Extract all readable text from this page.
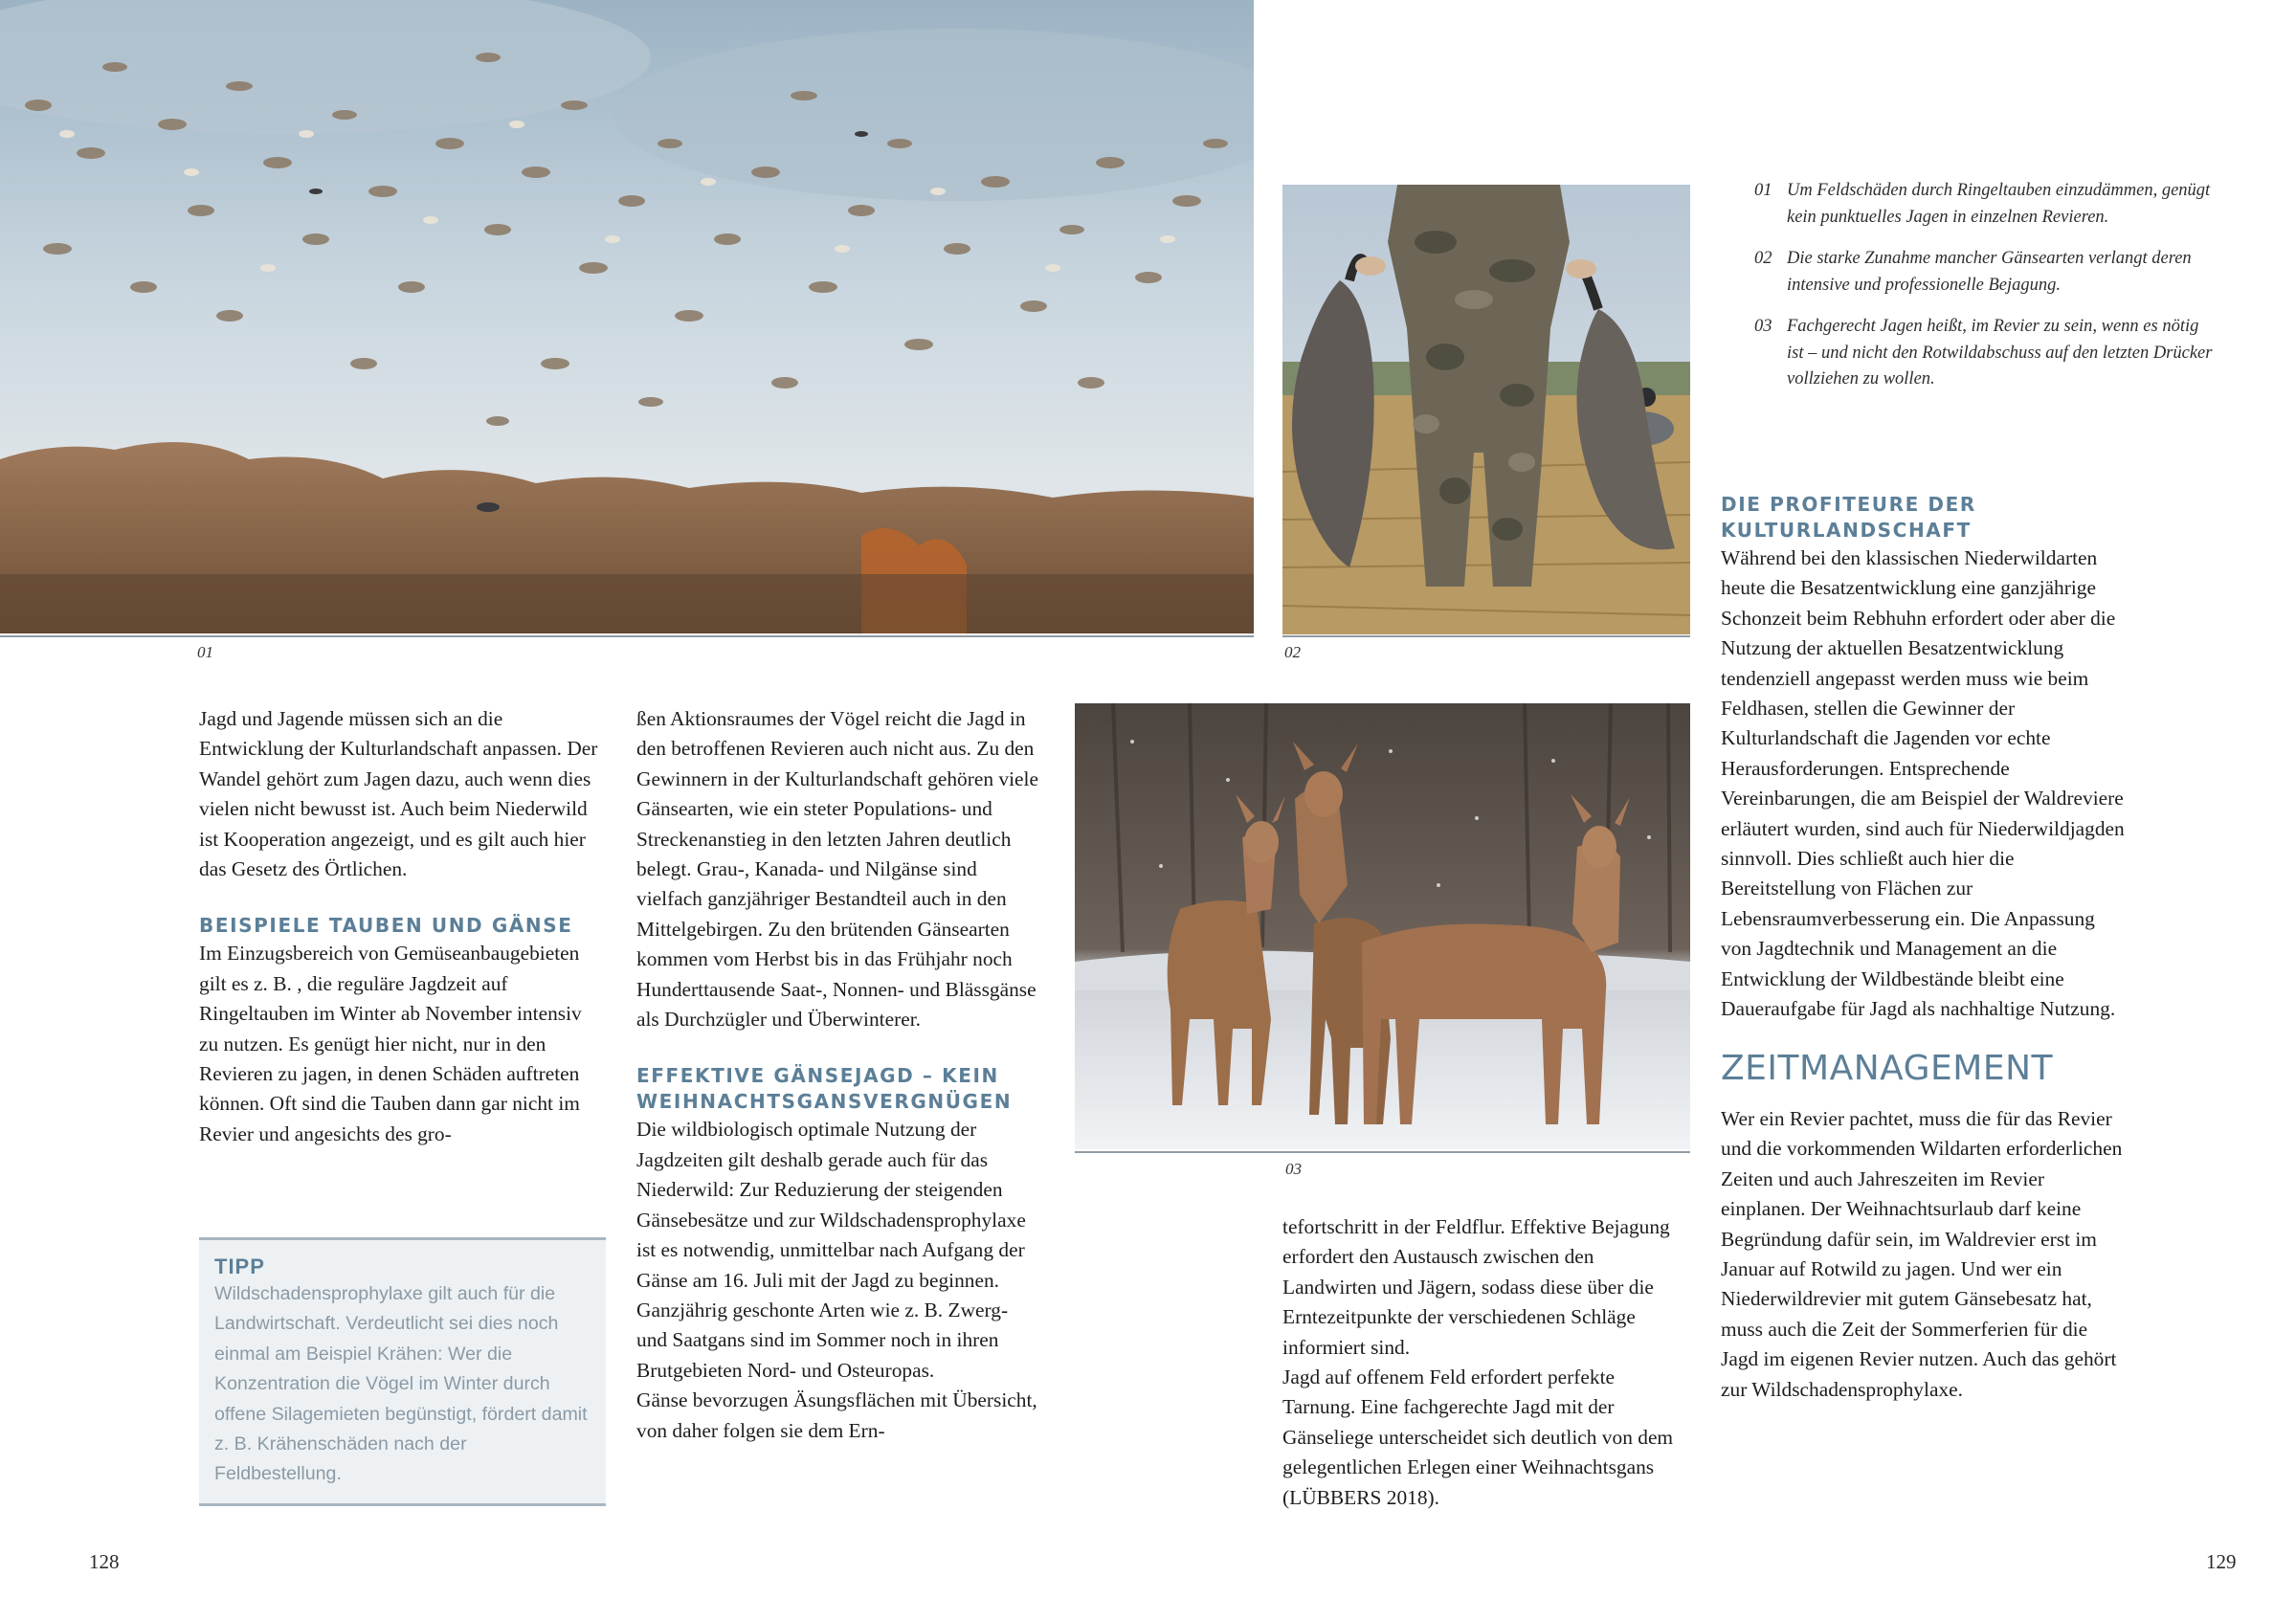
01	02
03

Jagd und Jagende müssen sich an die Entwicklung der Kulturlandschaft anpassen. Der Wandel gehört zum Jagen dazu, auch wenn dies vielen nicht bewusst ist. Auch beim Niederwild ist Kooperation angezeigt, und es gilt auch hier das Gesetz des Örtlichen.

BEISPIELE TAUBEN UND GÄNSE

Im Einzugsbereich von Gemüseanbaugebieten gilt es z. B. , die reguläre Jagdzeit auf Ringeltauben im Winter ab November intensiv zu nutzen. Es genügt hier nicht, nur in den Revieren zu jagen, in denen Schäden auftreten können. Oft sind die Tauben dann gar nicht im Revier und angesichts des gro-

TIPP
Wildschadensprophylaxe gilt auch für die Landwirtschaft. Verdeutlicht sei dies noch einmal am Beispiel Krähen: Wer die Konzentration die Vögel im Winter durch offene Silagemieten begünstigt, fördert damit z. B. Krähenschäden nach der Feldbestellung.

ßen Aktionsraumes der Vögel reicht die Jagd in den betroffenen Revieren auch nicht aus. Zu den Gewinnern in der Kulturlandschaft gehören viele Gänsearten, wie ein steter Populations- und Streckenanstieg in den letzten Jahren deutlich belegt. Grau-, Kanada- und Nilgänse sind vielfach ganzjähriger Bestandteil auch in den Mittelgebirgen. Zu den brütenden Gänsearten kommen vom Herbst bis in das Frühjahr noch Hunderttausende Saat-, Nonnen- und Blässgänse als Durchzügler und Überwinterer.

EFFEKTIVE GÄNSEJAGD – KEIN WEIHNACHTSGANSVERGNÜGEN

Die wildbiologisch optimale Nutzung der Jagdzeiten gilt deshalb gerade auch für das Niederwild: Zur Reduzierung der steigenden Gänsebesätze und zur Wildschadensprophylaxe ist es notwendig, unmittelbar nach Aufgang der Gänse am 16. Juli mit der Jagd zu beginnen. Ganzjährig geschonte Arten wie z. B. Zwerg- und Saatgans sind im Sommer noch in ihren Brutgebieten Nord- und Osteuropas.

Gänse bevorzugen Äsungsflächen mit Übersicht, von daher folgen sie dem Ern-

tefortschritt in der Feldflur. Effektive Bejagung erfordert den Austausch zwischen den Landwirten und Jägern, sodass diese über die Erntezeitpunkte der verschiedenen Schläge informiert sind.

Jagd auf offenem Feld erfordert perfekte Tarnung. Eine fachgerechte Jagd mit der Gänseliege unterscheidet sich deutlich von dem gelegentlichen Erlegen einer Weihnachtsgans (LÜBBERS 2018).

01 Um Feldschäden durch Ringeltauben einzudämmen, genügt kein punktuelles Jagen in einzelnen Revieren.
02 Die starke Zunahme mancher Gänsearten verlangt deren intensive und professionelle Bejagung.
03 Fachgerecht Jagen heißt, im Revier zu sein, wenn es nötig ist – und nicht den Rotwildabschuss auf den letzten Drücker vollziehen zu wollen.
DIE PROFITEURE DER KULTURLANDSCHAFT

Während bei den klassischen Niederwildarten heute die Besatzentwicklung eine ganzjährige Schonzeit beim Rebhuhn erfordert oder aber die Nutzung der aktuellen Besatzentwicklung tendenziell angepasst werden muss wie beim Feldhasen, stellen die Gewinner der Kulturlandschaft die Jagenden vor echte Herausforderungen. Entsprechende Vereinbarungen, die am Beispiel der Waldreviere erläutert wurden, sind auch für Niederwildjagden sinnvoll. Dies schließt auch hier die Bereitstellung von Flächen zur Lebensraumverbesserung ein. Die Anpassung von Jagdtechnik und Management an die Entwicklung der Wildbestände bleibt eine Daueraufgabe für Jagd als nachhaltige Nutzung.

ZEITMANAGEMENT

Wer ein Revier pachtet, muss die für das Revier und die vorkommenden Wildarten erforderlichen Zeiten und auch Jahreszeiten im Revier einplanen. Der Weihnachtsurlaub darf keine Begründung dafür sein, im Waldrevier erst im Januar auf Rotwild zu jagen. Und wer ein Niederwildrevier mit gutem Gänsebesatz hat, muss auch die Zeit der Sommerferien für die Jagd im eigenen Revier nutzen. Auch das gehört zur Wildschadensprophylaxe.

128	129
